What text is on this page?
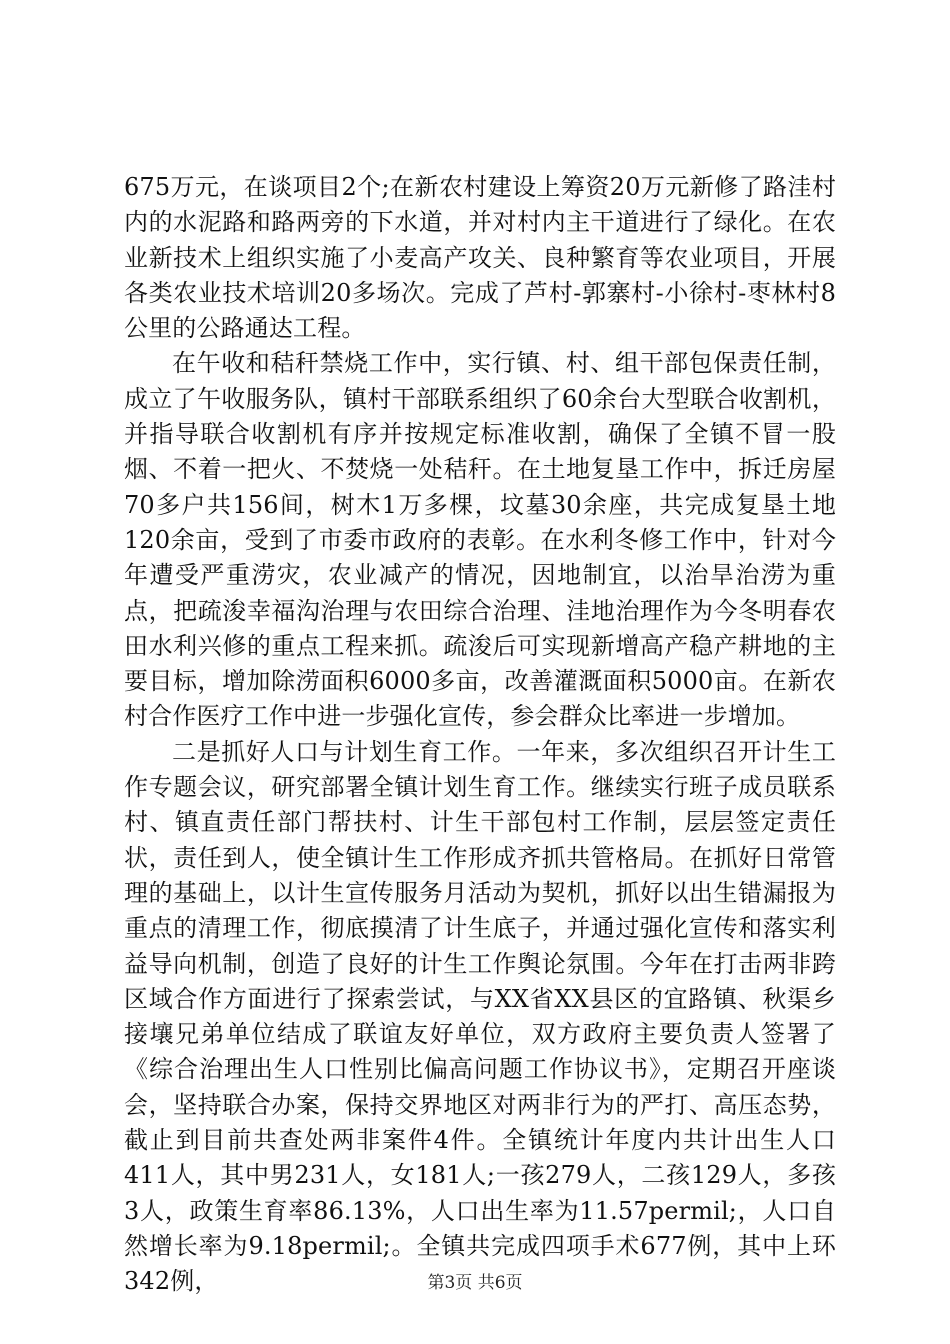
675万元，在谈项目2个;在新农村建设上筹资20万元新修了路洼村内的水泥路和路两旁的下水道，并对村内主干道进行了绿化。在农业新技术上组织实施了小麦高产攻关、良种繁育等农业项目，开展各类农业技术培训20多场次。完成了芦村-郭寨村-小徐村-枣林村8公里的公路通达工程。

在午收和秸秆禁烧工作中，实行镇、村、组干部包保责任制，成立了午收服务队，镇村干部联系组织了60余台大型联合收割机，并指导联合收割机有序并按规定标准收割，确保了全镇不冒一股烟、不着一把火、不焚烧一处秸秆。在土地复垦工作中，拆迁房屋70多户共156间，树木1万多棵，坟墓30余座，共完成复垦土地120余亩，受到了市委市政府的表彰。在水利冬修工作中，针对今年遭受严重涝灾，农业减产的情况，因地制宜，以治旱治涝为重点，把疏浚幸福沟治理与农田综合治理、洼地治理作为今冬明春农田水利兴修的重点工程来抓。疏浚后可实现新增高产稳产耕地的主要目标，增加除涝面积6000多亩，改善灌溉面积5000亩。在新农村合作医疗工作中进一步强化宣传，参会群众比率进一步增加。

二是抓好人口与计划生育工作。一年来，多次组织召开计生工作专题会议，研究部署全镇计划生育工作。继续实行班子成员联系村、镇直责任部门帮扶村、计生干部包村工作制，层层签定责任状，责任到人，使全镇计生工作形成齐抓共管格局。在抓好日常管理的基础上，以计生宣传服务月活动为契机，抓好以出生错漏报为重点的清理工作，彻底摸清了计生底子，并通过强化宣传和落实利益导向机制，创造了良好的计生工作舆论氛围。今年在打击两非跨区域合作方面进行了探索尝试，与XX省XX县区的宜路镇、秋渠乡接壤兄弟单位结成了联谊友好单位，双方政府主要负责人签署了《综合治理出生人口性别比偏高问题工作协议书》，定期召开座谈会，坚持联合办案，保持交界地区对两非行为的严打、高压态势，截止到目前共查处两非案件4件。全镇统计年度内共计出生人口411人，其中男231人，女181人;一孩279人，二孩129人，多孩3人，政策生育率86.13%，人口出生率为11.57permil;，人口自然增长率为9.18permil;。全镇共完成四项手术677例，其中上环342例，	第3页 共6页
